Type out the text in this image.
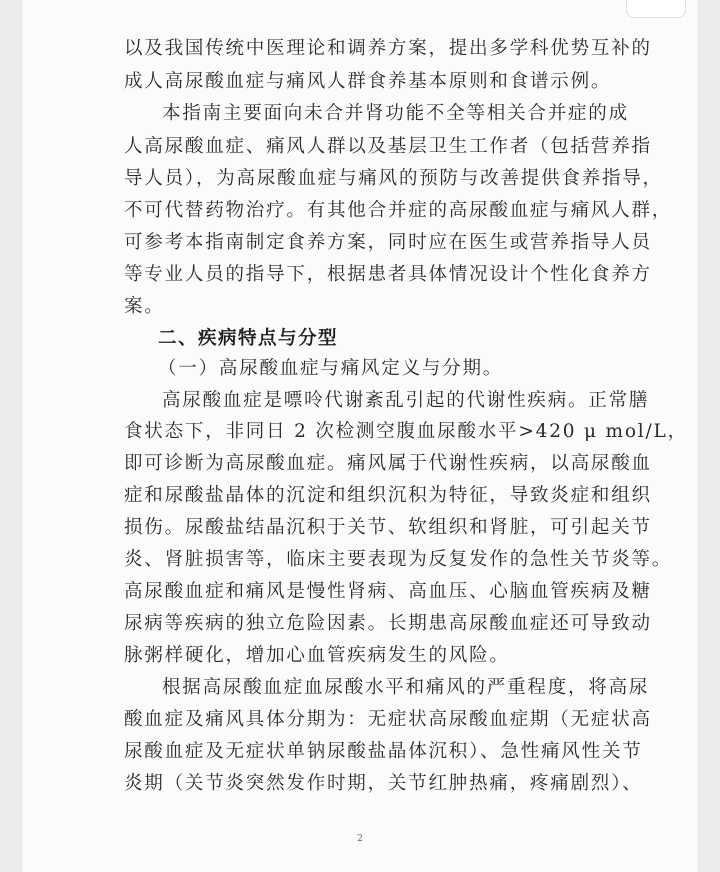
以及我国传统中医理论和调养方案，提出多学科优势互补的

成人高尿酸血症与痛风人群食养基本原则和食谱示例。

本指南主要面向未合并肾功能不全等相关合并症的成

人高尿酸血症、痛风人群以及基层卫生工作者（包括营养指

导人员），为高尿酸血症与痛风的预防与改善提供食养指导，

不可代替药物治疗。有其他合并症的高尿酸血症与痛风人群，

可参考本指南制定食养方案，同时应在医生或营养指导人员

等专业人员的指导下，根据患者具体情况设计个性化食养方

案。

二、疾病特点与分型

（一）高尿酸血症与痛风定义与分期。

高尿酸血症是嘌呤代谢紊乱引起的代谢性疾病。正常膳

食状态下，非同日 2 次检测空腹血尿酸水平>420 μ mol/L，

即可诊断为高尿酸血症。痛风属于代谢性疾病，以高尿酸血

症和尿酸盐晶体的沉淀和组织沉积为特征，导致炎症和组织

损伤。尿酸盐结晶沉积于关节、软组织和肾脏，可引起关节

炎、肾脏损害等，临床主要表现为反复发作的急性关节炎等。

高尿酸血症和痛风是慢性肾病、高血压、心脑血管疾病及糖

尿病等疾病的独立危险因素。长期患高尿酸血症还可导致动

脉粥样硬化，增加心血管疾病发生的风险。

根据高尿酸血症血尿酸水平和痛风的严重程度，将高尿

酸血症及痛风具体分期为：无症状高尿酸血症期（无症状高

尿酸血症及无症状单钠尿酸盐晶体沉积）、急性痛风性关节

炎期（关节炎突然发作时期，关节红肿热痛，疼痛剧烈）、

2
